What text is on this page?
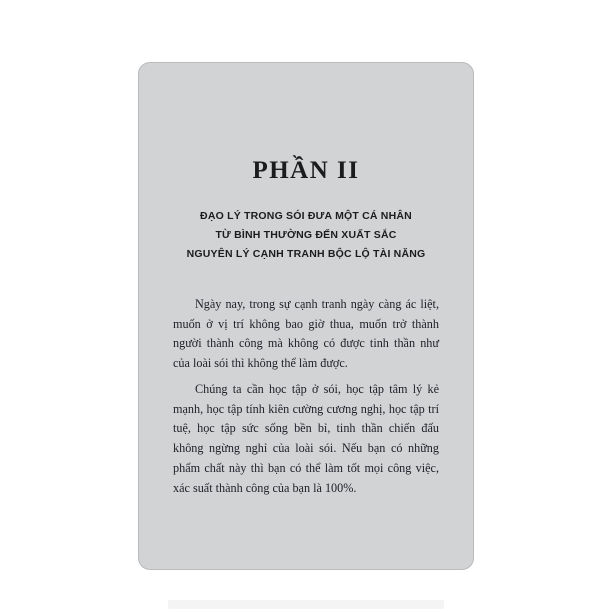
PHẦN II
ĐẠO LÝ TRONG SÓI ĐƯA MỘT CÁ NHÂN
TỪ BÌNH THƯỜNG ĐẾN XUẤT SẮC
NGUYÊN LÝ CẠNH TRANH BỘC LỘ TÀI NĂNG

Ngày nay, trong sự cạnh tranh ngày càng ác liệt, muốn ở vị trí không bao giờ thua, muốn trở thành người thành công mà không có được tinh thần như của loài sói thì không thể làm được.

Chúng ta cần học tập ở sói, học tập tâm lý kẻ mạnh, học tập tính kiên cường cương nghị, học tập trí tuệ, học tập sức sống bền bỉ, tinh thần chiến đấu không ngừng nghỉ của loài sói. Nếu bạn có những phẩm chất này thì bạn có thể làm tốt mọi công việc, xác suất thành công của bạn là 100%.
